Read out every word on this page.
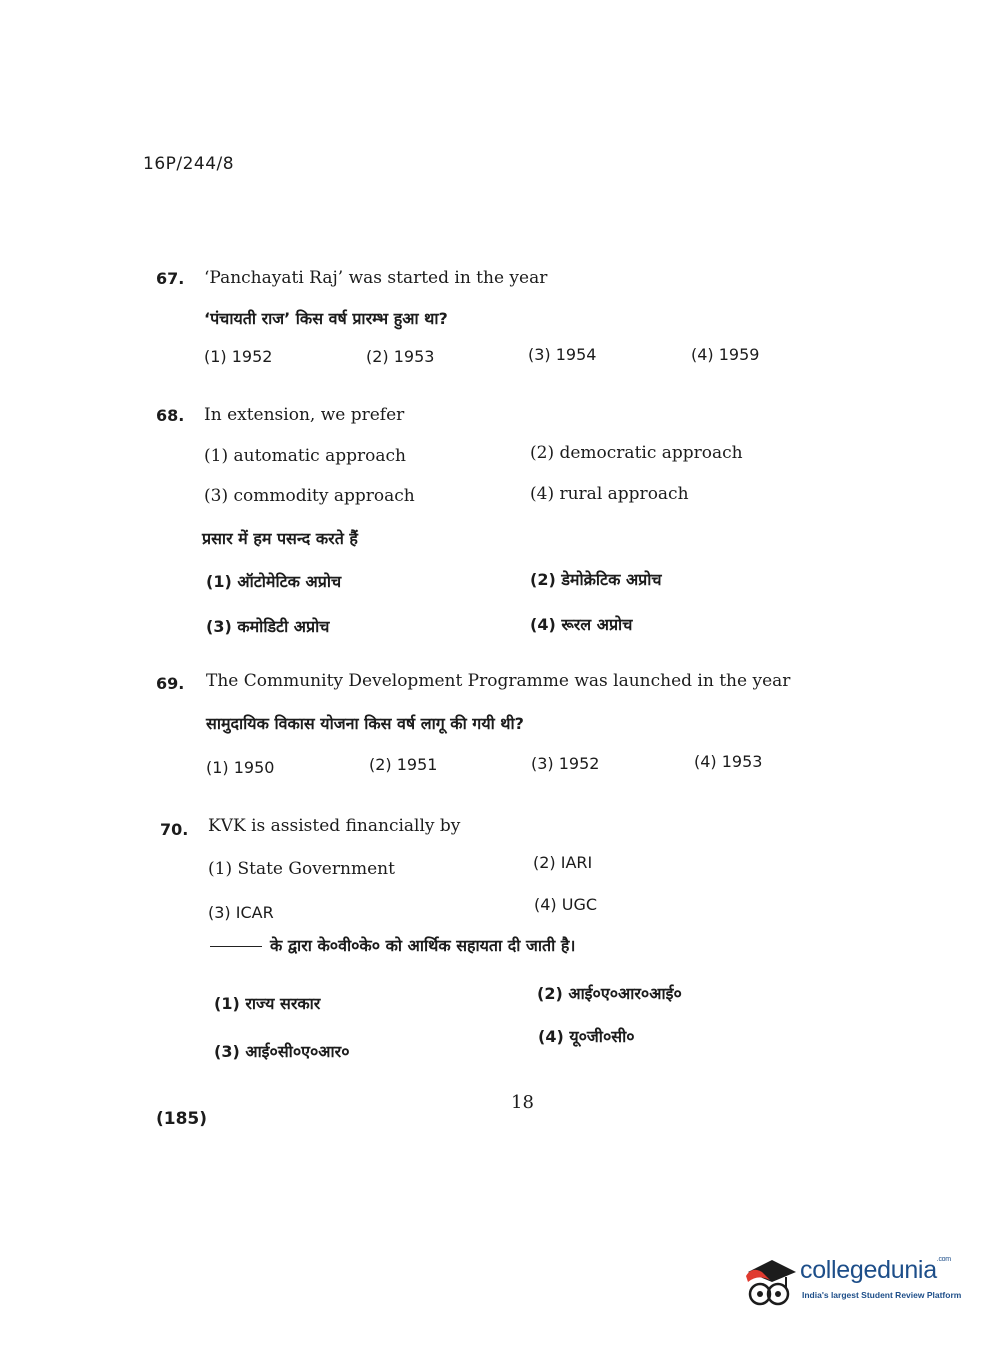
16P/244/8
67. ‘Panchayati Raj’ was started in the year
‘पंचायती राज’ किस वर्ष प्रारम्भ हुआ था?
(1) 1952	(2) 1953	(3) 1954	(4) 1959
68. In extension, we prefer
(1) automatic approach	(2) democratic approach
(3) commodity approach	(4) rural approach
प्रसार में हम पसन्द करते हैं
(1) ऑटोमेटिक अप्रोच	(2) डेमोक्रेटिक अप्रोच
(3) कमोडिटी अप्रोच	(4) रूरल अप्रोच
69. The Community Development Programme was launched in the year
सामुदायिक विकास योजना किस वर्ष लागू की गयी थी?
(1) 1950	(2) 1951	(3) 1952	(4) 1953
70. KVK is assisted financially by
(1) State Government	(2) IARI
(3) ICAR	(4) UGC
के द्वारा के०वी०के० को आर्थिक सहायता दी जाती है।
(1) राज्य सरकार
(2) आई०ए०आर०आई०
(3) आई०सी०ए०आर०
(4) यू०जी०सी०
18
(185)
collegedunia$^{.com}$
India's largest Student Review Platform
